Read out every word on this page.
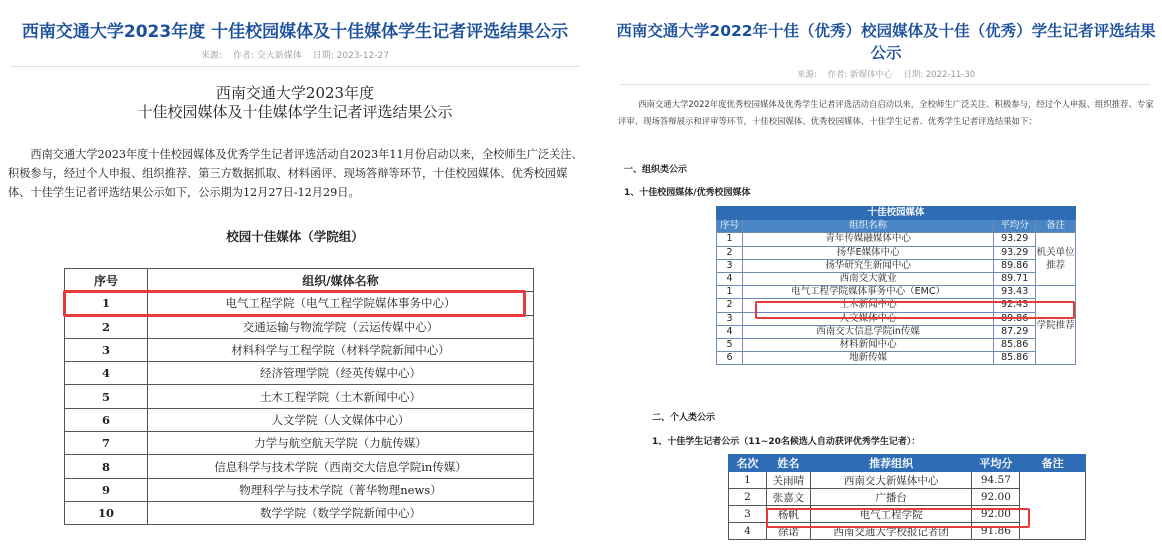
西南交通大学2023年度 十佳校园媒体及十佳媒体学生记者评选结果公示
来源: 作者: 交大新媒体 日期: 2023-12-27
西南交通大学2023年度
十佳校园媒体及十佳媒体学生记者评选结果公示

西南交通大学2023年度十佳校园媒体及优秀学生记者评选活动自2023年11月份启动以来，全校师生广泛关注、积极参与，经过个人申报、组织推荐、第三方数据抓取、材料函评、现场答辩等环节，十佳校园媒体、优秀校园媒体、十佳学生记者评选结果公示如下，公示期为12月27日-12月29日。

校园十佳媒体（学院组）
序号	组织/媒体名称
1	电气工程学院（电气工程学院媒体事务中心）
2	交通运输与物流学院（云运传媒中心）
3	材料科学与工程学院（材料学院新闻中心）
4	经济管理学院（经英传媒中心）
5	土木工程学院（土木新闻中心）
6	人文学院（人文媒体中心）
7	力学与航空航天学院（力航传媒）
8	信息科学与技术学院（西南交大信息学院in传媒）
9	物理科学与技术学院（菁华物理news）
10	数学学院（数学学院新闻中心）
西南交通大学2022年十佳（优秀）校园媒体及十佳（优秀）学生记者评选结果公示
来源: 作者: 新媒体中心 日期: 2022-11-30

西南交通大学2022年度优秀校园媒体及优秀学生记者评选活动自启动以来，全校师生广泛关注、积极参与，经过个人申报、组织推荐、专家评审、现场答辩展示和评审等环节，十佳校园媒体、优秀校园媒体、十佳学生记者、优秀学生记者评选结果如下：

一、组织类公示
1、十佳校园媒体/优秀校园媒体
十佳校园媒体			
序号	组织名称	平均分	备注
1	青年传媒融媒体中心	93.29	机关单位推荐
2	扬华E媒体中心	93.29	
3	扬华研究生新闻中心	89.86	
4	西南交大就业	89.71	
1	电气工程学院媒体事务中心（EMC）	93.43	学院推荐
2	土木新闻中心	92.43	
3	人文媒体中心	89.86	
4	西南交大信息学院in传媒	87.29	
5	材料新闻中心	85.86	
6	地新传媒	85.86	
二、个人类公示
1、十佳学生记者公示（11~20名候选人自动获评优秀学生记者）：
名次	姓名	推荐组织	平均分	备注
1	关雨晴	西南交大新媒体中心	94.57	
2	张嘉文	广播台	92.00	
3	杨帆	电气工程学院	92.00	
4	徐诺	西南交通大学校报记者团	91.86	
